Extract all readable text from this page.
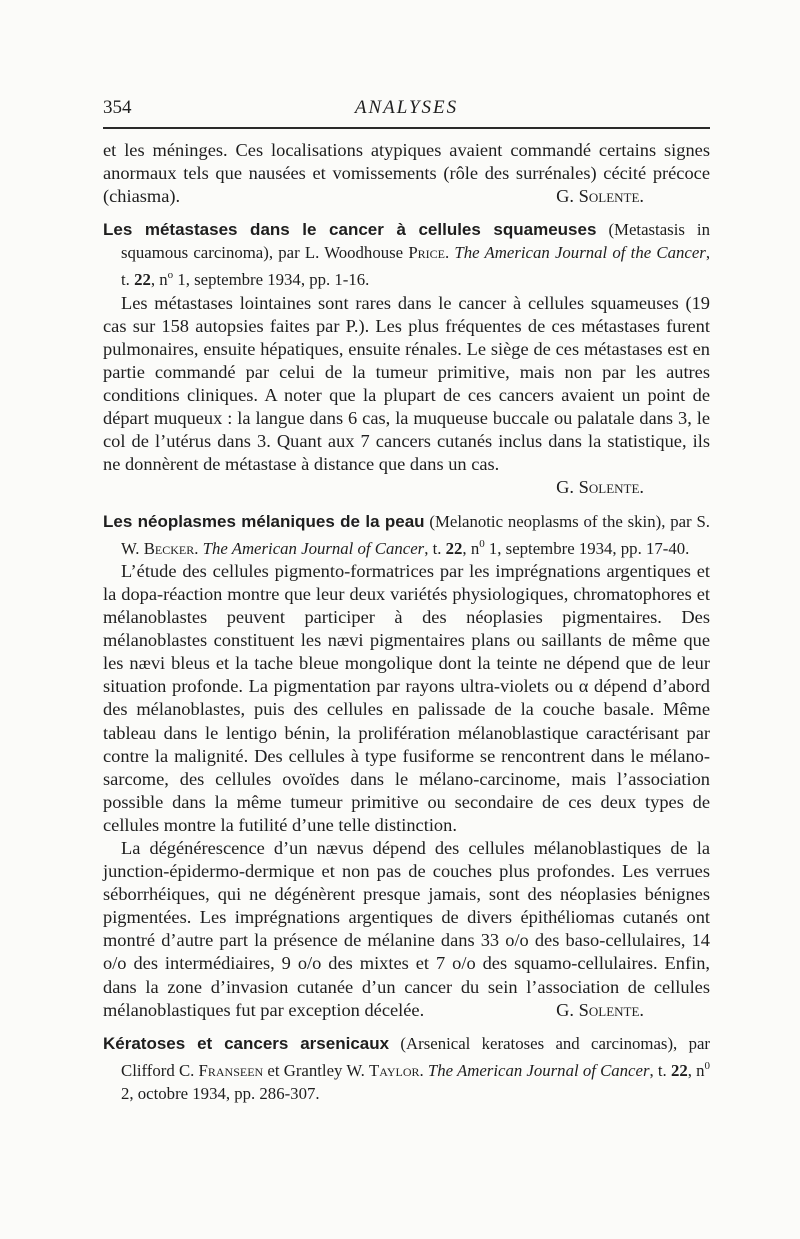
354	ANALYSES

et les méninges. Ces localisations atypiques avaient commandé certains signes anormaux tels que nausées et vomissements (rôle des surrénales) cécité précoce (chiasma).	G. Solente.

Les métastases dans le cancer à cellules squameuses (Metastasis in squamous carcinoma), par L. Woodhouse Price. The American Journal of the Cancer, t. 22, $n^o$ 1, septembre 1934, pp. 1-16.

Les métastases lointaines sont rares dans le cancer à cellules squameuses (19 cas sur 158 autopsies faites par P.). Les plus fréquentes de ces métastases furent pulmonaires, ensuite hépatiques, ensuite rénales. Le siège de ces métastases est en partie commandé par celui de la tumeur primitive, mais non par les autres conditions cliniques. A noter que la plupart de ces cancers avaient un point de départ muqueux : la langue dans 6 cas, la muqueuse buccale ou palatale dans 3, le col de l’utérus dans 3. Quant aux 7 cancers cutanés inclus dans la statistique, ils ne donnèrent de métastase à distance que dans un cas.

G. Solente.

Les néoplasmes mélaniques de la peau (Melanotic neoplasms of the skin), par S. W. Becker. The American Journal of Cancer, t. 22, $n^0$ 1, septembre 1934, pp. 17-40.

L’étude des cellules pigmento-formatrices par les imprégnations argentiques et la dopa-réaction montre que leur deux variétés physiologiques, chromatophores et mélanoblastes peuvent participer à des néoplasies pigmentaires. Des mélanoblastes constituent les nævi pigmentaires plans ou saillants de même que les nævi bleus et la tache bleue mongolique dont la teinte ne dépend que de leur situation profonde. La pigmentation par rayons ultra-violets ou α dépend d’abord des mélanoblastes, puis des cellules en palissade de la couche basale. Même tableau dans le lentigo bénin, la prolifération mélanoblastique caractérisant par contre la malignité. Des cellules à type fusiforme se rencontrent dans le mélano-sarcome, des cellules ovoïdes dans le mélano-carcinome, mais l’association possible dans la même tumeur primitive ou secondaire de ces deux types de cellules montre la futilité d’une telle distinction.

La dégénérescence d’un nævus dépend des cellules mélanoblastiques de la junction-épidermo-dermique et non pas de couches plus profondes. Les verrues séborrhéiques, qui ne dégénèrent presque jamais, sont des néoplasies bénignes pigmentées. Les imprégnations argentiques de divers épithéliomas cutanés ont montré d’autre part la présence de mélanine dans 33 o/o des baso-cellulaires, 14 o/o des intermédiaires, 9 o/o des mixtes et 7 o/o des squamo-cellulaires. Enfin, dans la zone d’invasion cutanée d’un cancer du sein l’association de cellules mélanoblastiques fut par exception décelée.	G. Solente.

Kératoses et cancers arsenicaux (Arsenical keratoses and carcinomas), par Clifford C. Franseen et Grantley W. Taylor. The American Journal of Cancer, t. 22, $n^0$ 2, octobre 1934, pp. 286-307.
